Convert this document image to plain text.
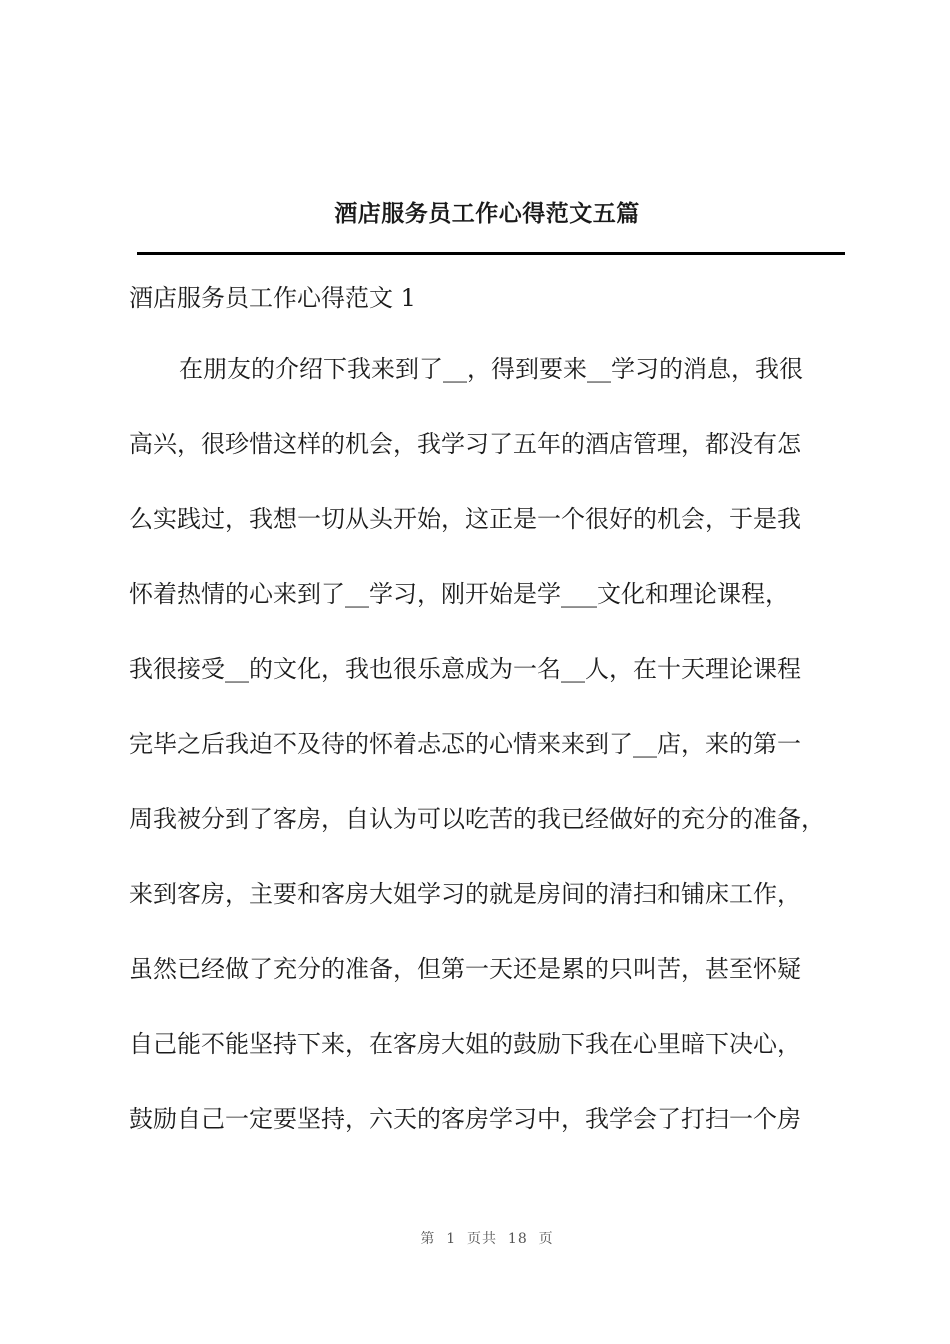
酒店服务员工作心得范文五篇
酒店服务员工作心得范文 1
在朋友的介绍下我来到了__，得到要来__学习的消息，我很
高兴，很珍惜这样的机会，我学习了五年的酒店管理，都没有怎
么实践过，我想一切从头开始，这正是一个很好的机会，于是我
怀着热情的心来到了__学习，刚开始是学___文化和理论课程，
我很接受__的文化，我也很乐意成为一名__人，在十天理论课程
完毕之后我迫不及待的怀着忐忑的心情来来到了__店，来的第一
周我被分到了客房，自认为可以吃苦的我已经做好的充分的准备，
来到客房，主要和客房大姐学习的就是房间的清扫和铺床工作，
虽然已经做了充分的准备，但第一天还是累的只叫苦，甚至怀疑
自己能不能坚持下来，在客房大姐的鼓励下我在心里暗下决心，
鼓励自己一定要坚持，六天的客房学习中，我学会了打扫一个房
第  1  页共  18  页
